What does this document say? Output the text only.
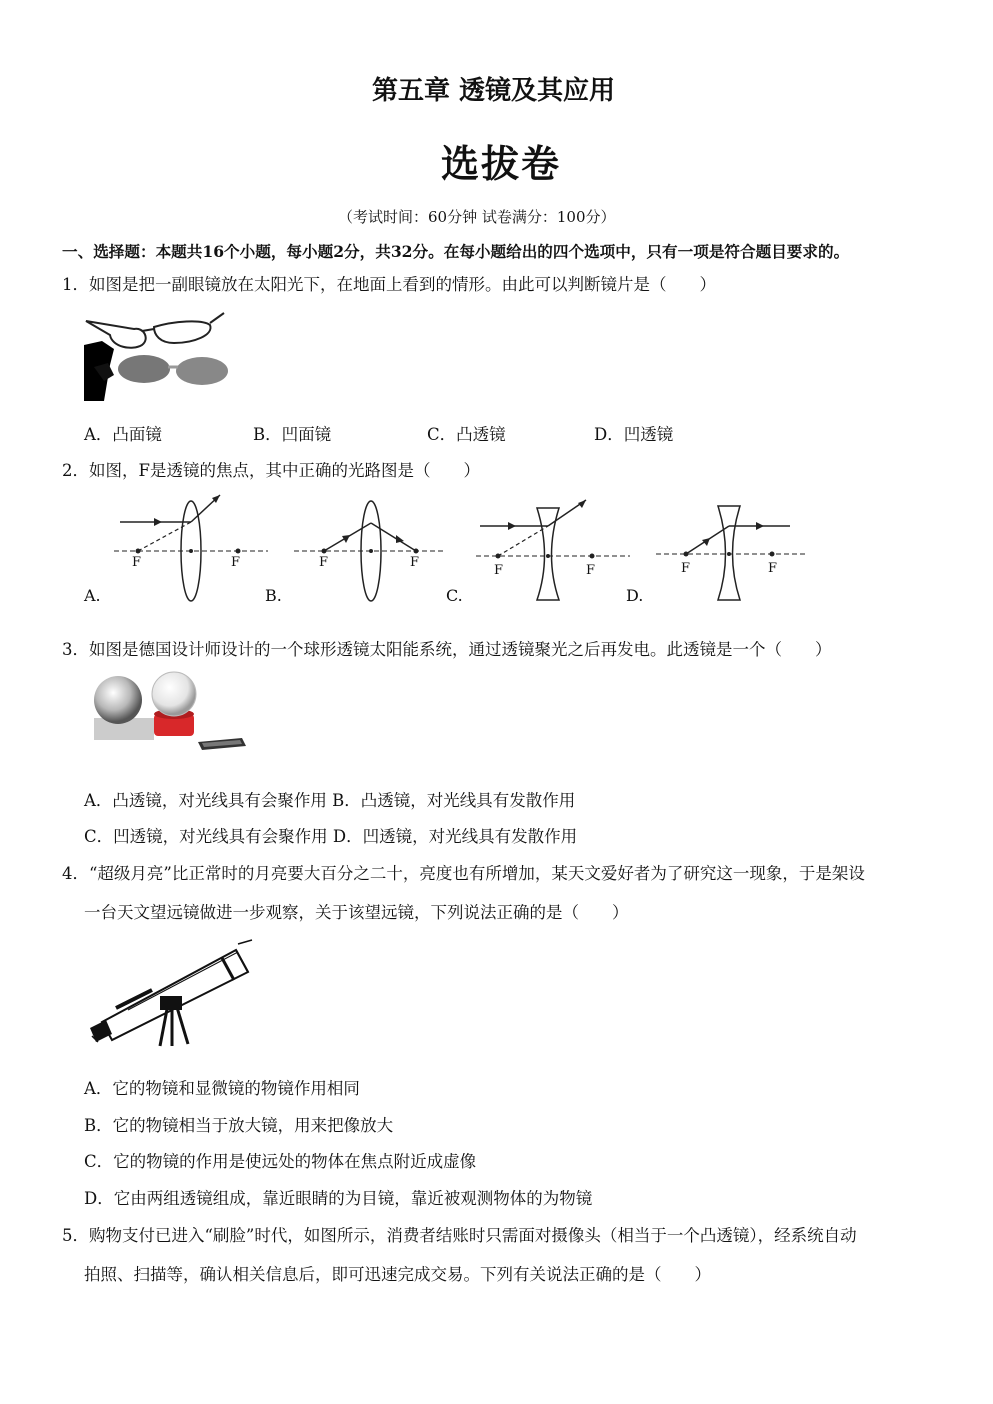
第五章 透镜及其应用
选拔卷
（考试时间：60分钟 试卷满分：100分）
一、选择题：本题共16个小题，每小题2分，共32分。在每小题给出的四个选项中，只有一项是符合题目要求的。
1．如图是把一副眼镜放在太阳光下，在地面上看到的情形。由此可以判断镜片是（　　）
A．凸面镜	B．凹面镜	C．凸透镜	D．凹透镜
2．如图，F是透镜的焦点，其中正确的光路图是（　　）
F	F
A.
F	F
B.
F	F
C.
F	F
D.
3．如图是德国设计师设计的一个球形透镜太阳能系统，通过透镜聚光之后再发电。此透镜是一个（　　）
A．凸透镜，对光线具有会聚作用 B．凸透镜，对光线具有发散作用
C．凹透镜，对光线具有会聚作用 D．凹透镜，对光线具有发散作用
4．“超级月亮”比正常时的月亮要大百分之二十，亮度也有所增加，某天文爱好者为了研究这一现象，于是架设
一台天文望远镜做进一步观察，关于该望远镜，下列说法正确的是（　　）
A．它的物镜和显微镜的物镜作用相同
B．它的物镜相当于放大镜，用来把像放大
C．它的物镜的作用是使远处的物体在焦点附近成虚像
D．它由两组透镜组成，靠近眼睛的为目镜，靠近被观测物体的为物镜
5．购物支付已进入“刷脸”时代，如图所示，消费者结账时只需面对摄像头（相当于一个凸透镜），经系统自动
拍照、扫描等，确认相关信息后，即可迅速完成交易。下列有关说法正确的是（　　）
